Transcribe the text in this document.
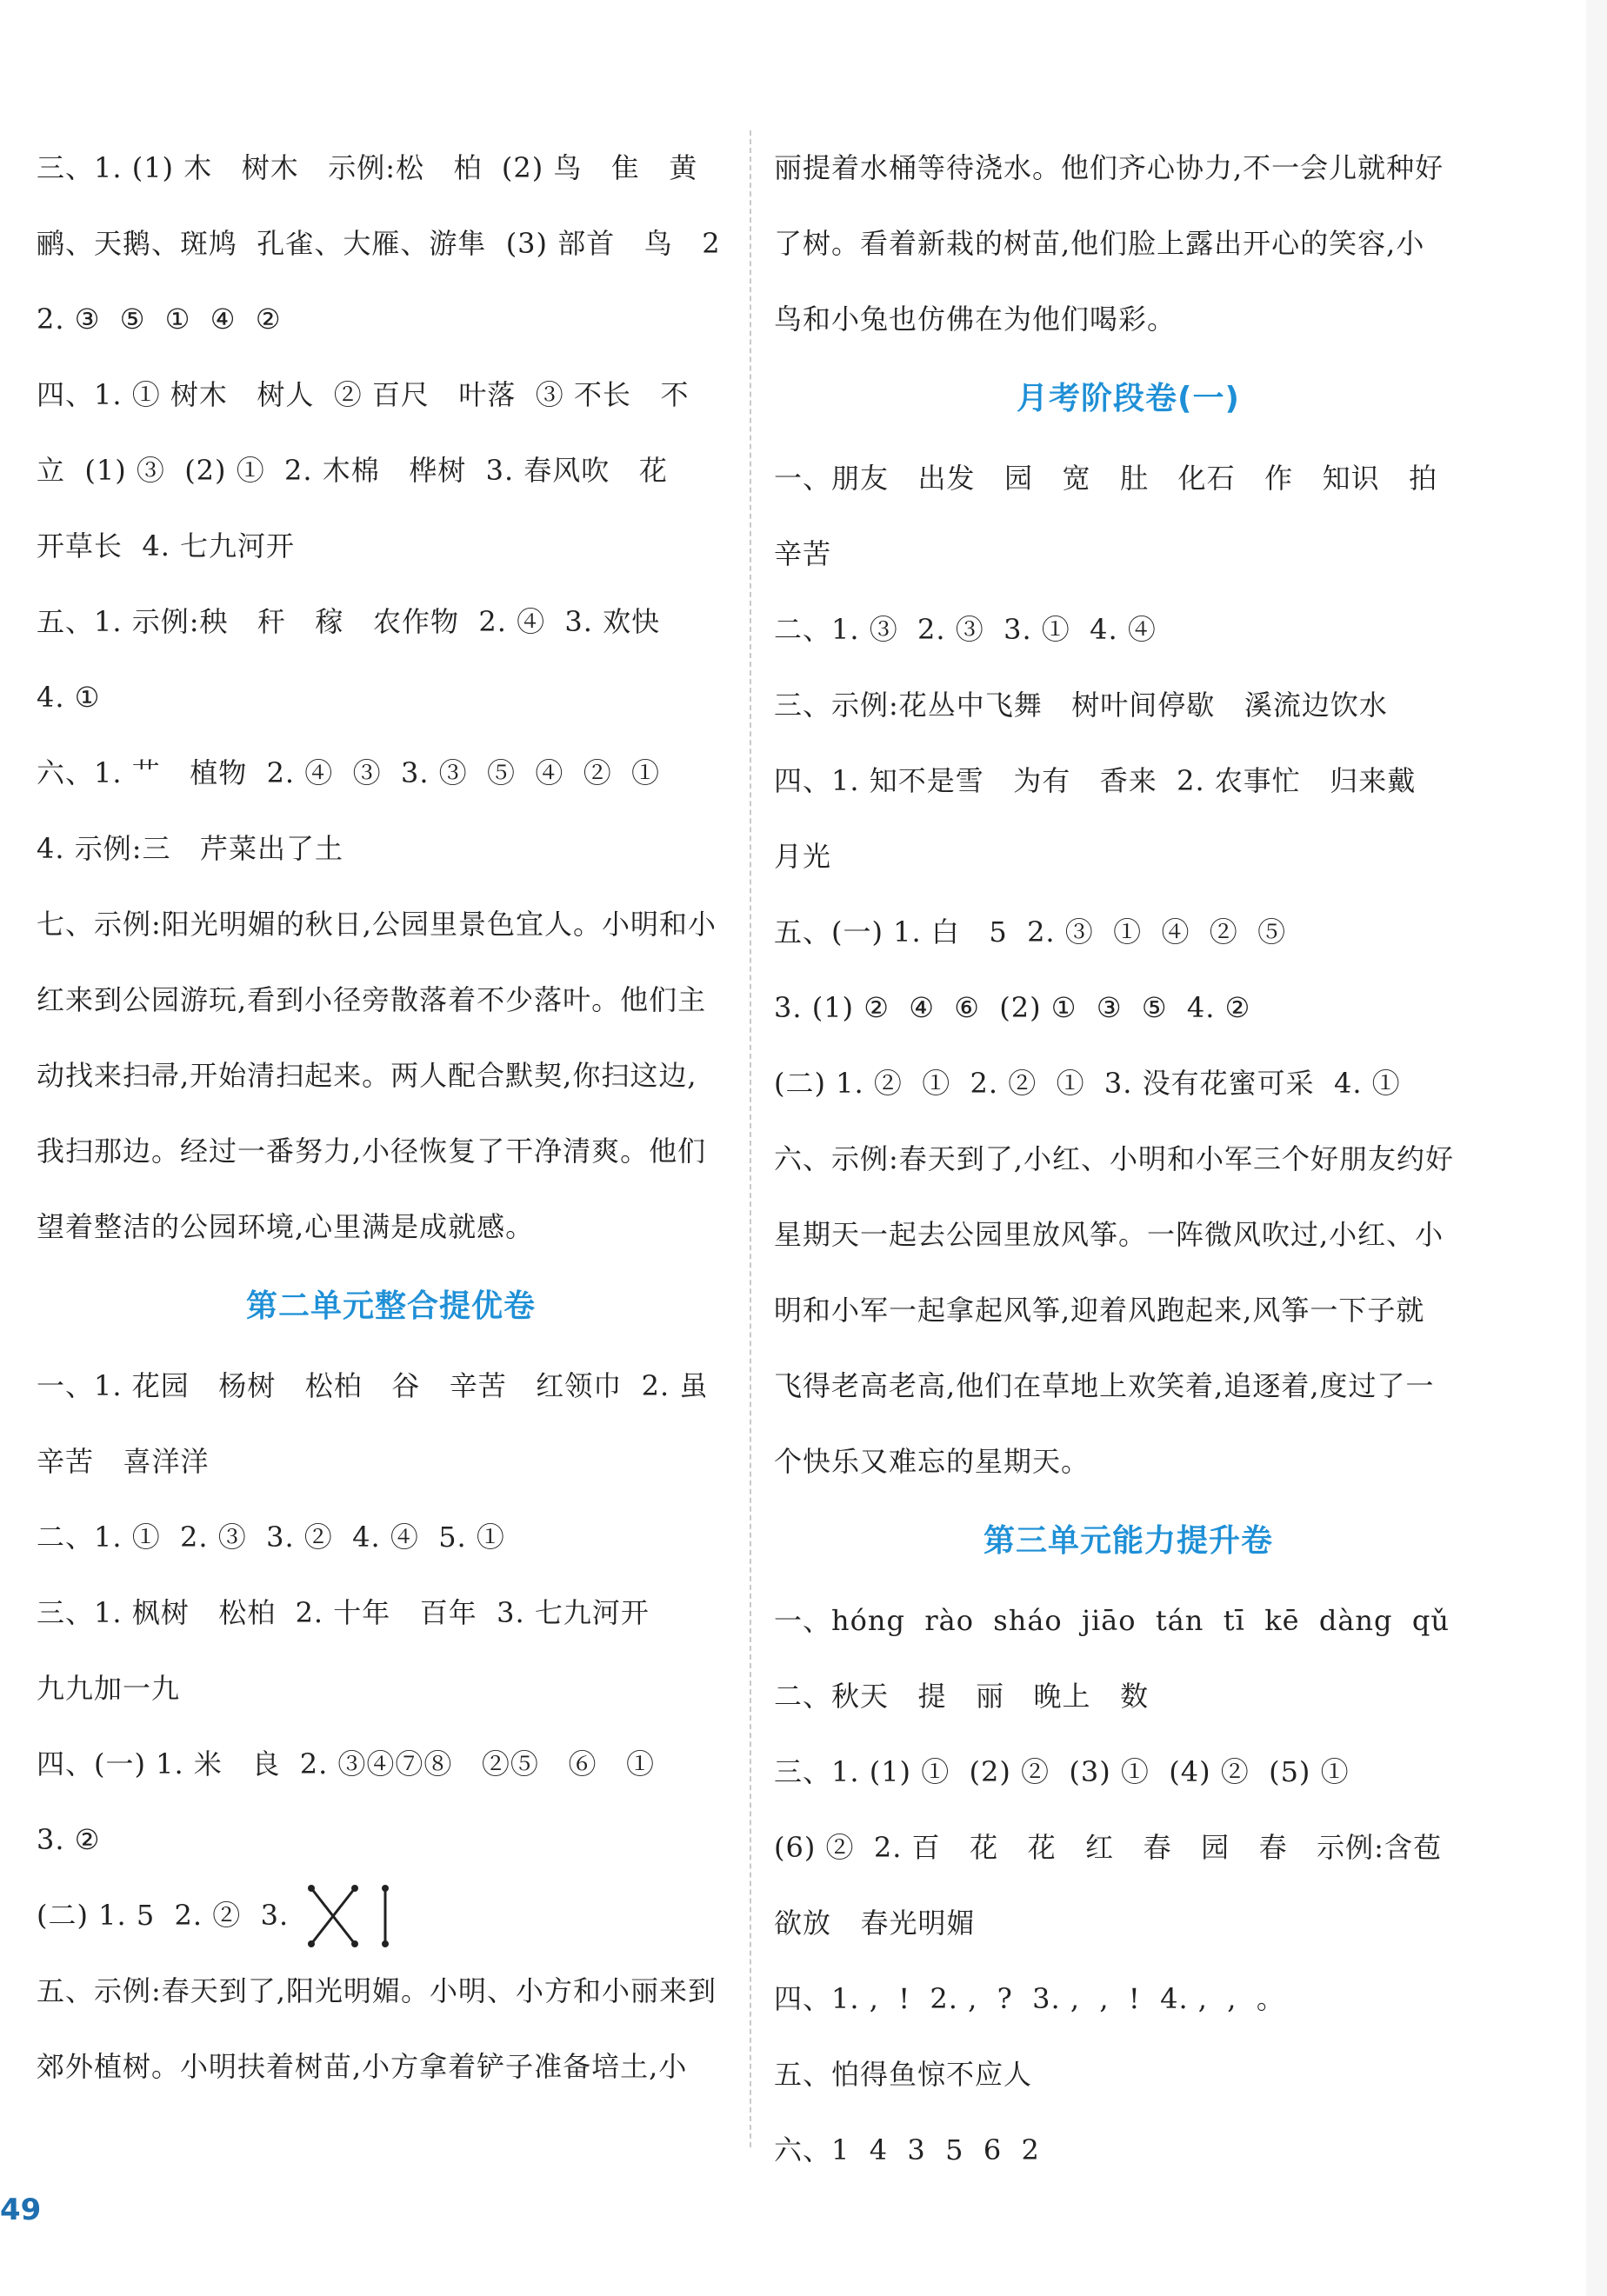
三、1. (1) 木   树木   示例:松   柏  (2) 鸟   隹   黄
鹂、天鹅、斑鸠  孔雀、大雁、游隼  (3) 部首   鸟   2
2. ③  ⑤  ①  ④  ②
四、1. ① 树木   树人  ② 百尺   叶落  ③ 不长   不
立  (1) ③  (2) ①  2. 木棉   桦树  3. 春风吹   花
开草长  4. 七九河开
五、1. 示例:秧   秆   稼   农作物  2. ④  3. 欢快
4. ①
六、1. 艹   植物  2. ④  ③  3. ③  ⑤  ④  ②  ①
4. 示例:三   芹菜出了土
七、示例:阳光明媚的秋日,公园里景色宜人。小明和小
红来到公园游玩,看到小径旁散落着不少落叶。他们主
动找来扫帚,开始清扫起来。两人配合默契,你扫这边,
我扫那边。经过一番努力,小径恢复了干净清爽。他们
望着整洁的公园环境,心里满是成就感。
第二单元整合提优卷
一、1. 花园   杨树   松柏   谷   辛苦   红领巾  2. 虽
辛苦   喜洋洋
二、1. ①  2. ③  3. ②  4. ④  5. ①
三、1. 枫树   松柏  2. 十年   百年  3. 七九河开
九九加一九
四、(一) 1. 米   良  2. ③④⑦⑧   ②⑤   ⑥   ①
3. ②
(二) 1. 5  2. ②  3.
五、示例:春天到了,阳光明媚。小明、小方和小丽来到
郊外植树。小明扶着树苗,小方拿着铲子准备培土,小
丽提着水桶等待浇水。他们齐心协力,不一会儿就种好
了树。看着新栽的树苗,他们脸上露出开心的笑容,小
鸟和小兔也仿佛在为他们喝彩。
月考阶段卷(一)
一、朋友   出发   园   宽   肚   化石   作   知识   拍
辛苦
二、1. ③  2. ③  3. ①  4. ④
三、示例:花丛中飞舞   树叶间停歇   溪流边饮水
四、1. 知不是雪   为有   香来  2. 农事忙   归来戴
月光
五、(一) 1. 白   5  2. ③  ①  ④  ②  ⑤
3. (1) ②  ④  ⑥  (2) ①  ③  ⑤  4. ②
(二) 1. ②  ①  2. ②  ①  3. 没有花蜜可采  4. ①
六、示例:春天到了,小红、小明和小军三个好朋友约好
星期天一起去公园里放风筝。一阵微风吹过,小红、小
明和小军一起拿起风筝,迎着风跑起来,风筝一下子就
飞得老高老高,他们在草地上欢笑着,追逐着,度过了一
个快乐又难忘的星期天。
第三单元能力提升卷
一、hóng  rào  sháo  jiāo  tán  tī  kē  dàng  qǔ
二、秋天   提   丽   晚上   数
三、1. (1) ①  (2) ②  (3) ①  (4) ②  (5) ①
(6) ②  2. 百   花   花   红   春   园   春   示例:含苞
欲放   春光明媚
四、1. ,  !  2. ,  ?  3. ,  ,  !  4. ,  ,  。
五、怕得鱼惊不应人
六、1  4  3  5  6  2
49
